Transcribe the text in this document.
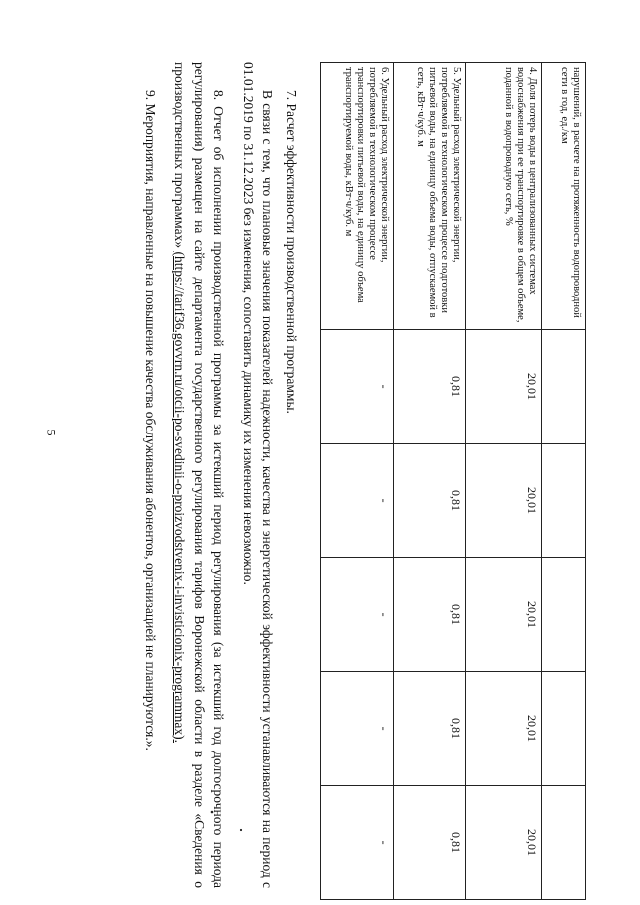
5
нарушений, в расчете на протяженность водопроводной сети в год, ед./км					
4. Доля потерь воды в централизованных системах водоснабжения при ее транспортировке в общем объеме, поданной в водопроводную сеть, %	20,01	20,01	20,01	20,01	20,01
5. Удельный расход электрической энергии, потребляемой в технологическом процессе подготовки питьевой воды, на единицу объема воды, отпускаемой в сеть, кВт·ч/куб. м	0,81	0,81	0,81	0,81	0,81
6. Удельный расход электрической энергии, потребляемой в технологическом процессе транспортировки питьевой воды, на единицу объема транспортируемой воды, кВт·ч/куб. м	-	-	-	-	-

7. Расчет эффективности производственной программы.

В связи с тем, что плановые значения показателей надежности, качества и энергетической эффективности устанавливаются на период с 01.01.2019 по 31.12.2023 без изменения, сопоставить динамику их изменения невозможно.

8. Отчет об исполнении производственной программы за истекший период регулирования (за истекший год долгосрочного периода регулирования) размещен на сайте департамента государственного регулирования тарифов Воронежской области в разделе «Сведения о производственных программах» (https://tarif36.govvrn.ru/otcii-po-svedinii-o-proizvodstvenix-i-invisticionix-programmax).

9. Мероприятия, направленные на повышение качества обслуживания абонентов, организацией не планируются.».
